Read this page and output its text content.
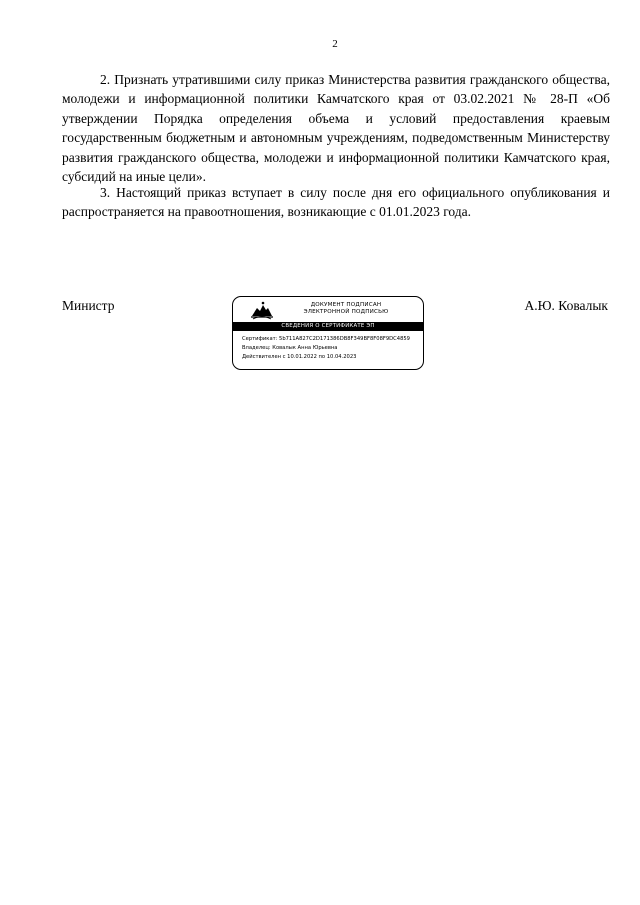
2

2. Признать утратившими силу приказ Министерства развития гражданского общества, молодежи и информационной политики Камчатского края от 03.02.2021 № 28-П «Об утверждении Порядка определения объема и условий предоставления краевым государственным бюджетным и автономным учреждениям, подведомственным Министерству развития гражданского общества, молодежи и информационной политики Камчатского края, субсидий на иные цели».

3. Настоящий приказ вступает в силу после дня его официального опубликования и распространяется на правоотношения, возникающие с 01.01.2023 года.

Министр	ДОКУМЕНТ ПОДПИСАН
ЭЛЕКТРОННОЙ ПОДПИСЬЮ
СВЕДЕНИЯ О СЕРТИФИКАТЕ ЭП
Сертификат: 5b711A827C2D171386DB8F349ВF8F08F9DC4859
Владелец: Ковалык Анна Юрьевна
Действителен с 10.01.2022 по 10.04.2023
А.Ю. Ковалык
